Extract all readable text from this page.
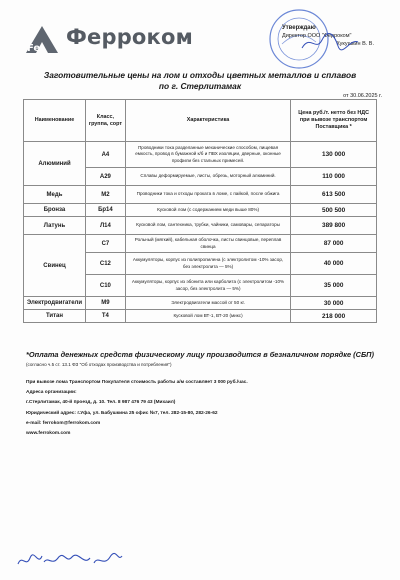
Fe Феррокoм	Утверждаю
Директор ООО "Ферроком"
Кукушкин В. В.
Заготовительные цены на лом и отходы цветных металлов и сплавов
по г. Стерлитамак
от 30.06.2025 г.
Наименование	Класс, группа, сорт	Характеристика	Цена руб./т. нетто без НДС при вывозе транспортом Поставщика *
Алюминий	А4	Проводники тока разделанные механические способом, пищевая емкость, провод в бумажной к/б и ПВХ изоляции, дверные, оконные профили без стальных примесей.	130 000
	А29	Сплавы деформируемые, листы, обрезь, моторный алюминий.	110 000
Медь	М2	Проводники тока и отходы проката в ломе, с пайкой, после обжига	613 500
Бронза	Бр14	Кусковой лом (с содержанием меди выше 80%)	500 500
Латунь	Л14	Кусковой лом, сантехника, трубки, чайники, самовары, сепараторы	389 800
Свинец	С7	Рольный (мягкий), кабельная оболочка, листы свинцовые, переплав свинца	87 000
	С12	Аккумуляторы, корпус из полипропилена (с электролитом -10% засор, без электролита — 5%)	40 000
	С10	Аккумуляторы, корпус из эбонита или карболита (с электролитом -10% засор, без электролита — 5%)	35 000
Электродвигатели	М9	Электродвигатели массой от 50 кг.	30 000
Титан	Т4	Кусковой лом ВТ-1, ВТ-20 (микс)	218 000
*Оплата денежных средств физическому лицу производится в безналичном порядке (СБП)
(согласно ч.5 ст. 13.1 ФЗ "Об отходах производства и потребления")
При вывозе лома Транспортом Покупателя стоимость работы а/м составляет 3 000 руб./час.
Адреса организации:
г.Стерлитамак, 40-й проезд, д. 10. Тел. 8 987 476 79 43 (Михаил)
Юридический адрес: г.Уфа, ул. Бабушкина 25 офис №7, тел. 282-15-80, 282-26-62
e-mail: ferrokom@ferrokom.com
www.ferrokom.com
